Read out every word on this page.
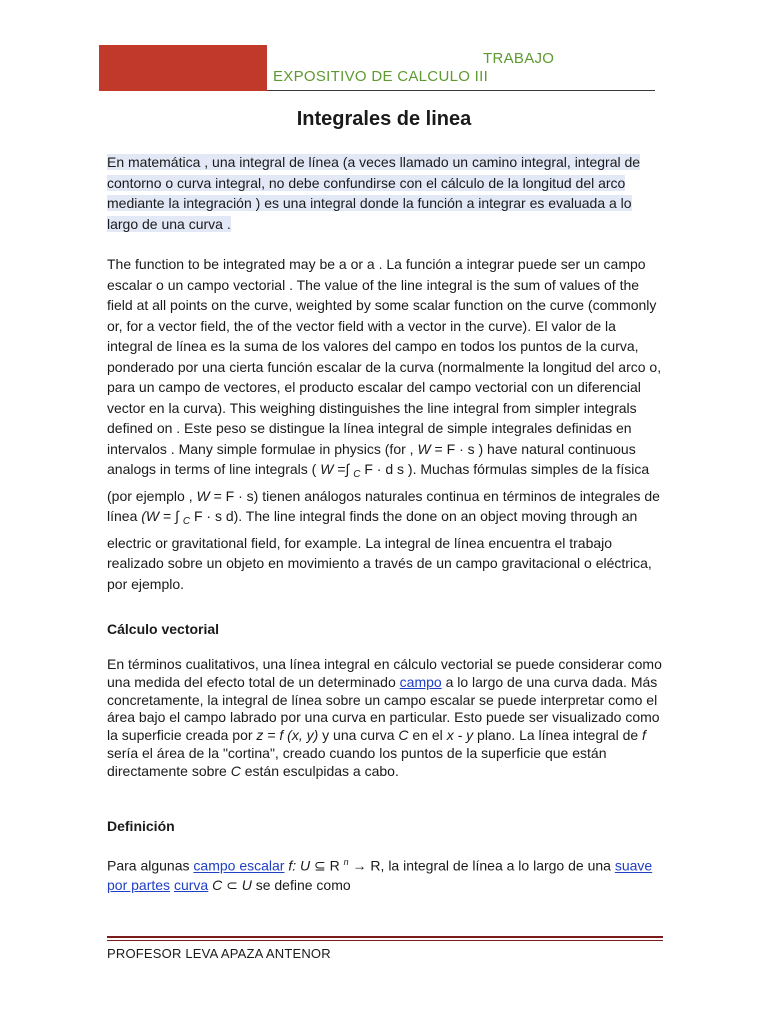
TRABAJO
EXPOSITIVO DE CALCULO III
Integrales de linea
En matemática , una integral de línea (a veces llamado un camino integral, integral de contorno o curva integral, no debe confundirse con el cálculo de la longitud del arco mediante la integración ) es una integral donde la función a integrar es evaluada a lo largo de una curva .
The function to be integrated may be a or a . La función a integrar puede ser un campo escalar o un campo vectorial . The value of the line integral is the sum of values of the field at all points on the curve, weighted by some scalar function on the curve (commonly or, for a vector field, the of the vector field with a vector in the curve). El valor de la integral de línea es la suma de los valores del campo en todos los puntos de la curva, ponderado por una cierta función escalar de la curva (normalmente la longitud del arco o, para un campo de vectores, el producto escalar del campo vectorial con un diferencial vector en la curva). This weighing distinguishes the line integral from simpler integrals defined on . Este peso se distingue la línea integral de simple integrales definidas en intervalos . Many simple formulae in physics (for , W = F · s ) have natural continuous analogs in terms of line integrals ( W =∫ $_C$ F · d s ). Muchas fórmulas simples de la física (por ejemplo , W = F · s) tienen análogos naturales continua en términos de integrales de línea (W = ∫ $_C$ F · s d). The line integral finds the done on an object moving through an electric or gravitational field, for example. La integral de línea encuentra el trabajo realizado sobre un objeto en movimiento a través de un campo gravitacional o eléctrica, por ejemplo.
Cálculo vectorial
En términos cualitativos, una línea integral en cálculo vectorial se puede considerar como una medida del efecto total de un determinado campo a lo largo de una curva dada. Más concretamente, la integral de línea sobre un campo escalar se puede interpretar como el área bajo el campo labrado por una curva en particular. Esto puede ser visualizado como la superficie creada por z = f (x, y) y una curva C en el x - y plano. La línea integral de f sería el área de la "cortina", creado cuando los puntos de la superficie que están directamente sobre C están esculpidas a cabo.
Definición
Para algunas campo escalar f: U ⊆ R $^n$ → R, la integral de línea a lo largo de una suave por partes curva C ⊂ U se define como
PROFESOR LEVA APAZA ANTENOR
